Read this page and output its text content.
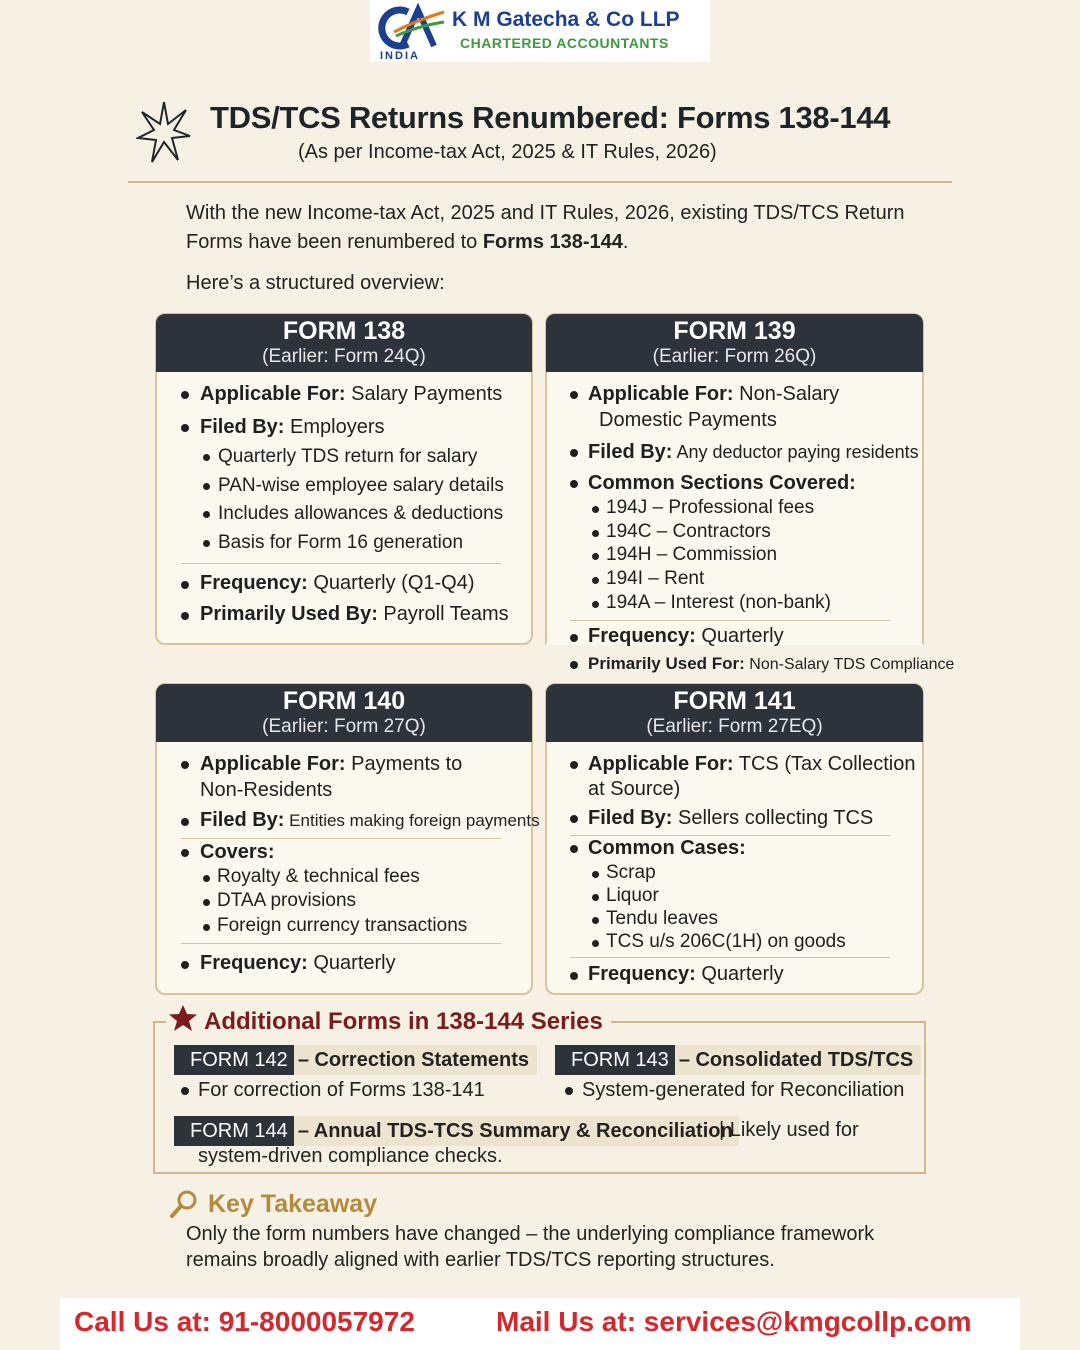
INDIA
K M Gatecha & Co LLP
CHARTERED ACCOUNTANTS
TDS/TCS Returns Renumbered: Forms 138-144
(As per Income-tax Act, 2025 & IT Rules, 2026)
With the new Income-tax Act, 2025 and IT Rules, 2026, existing TDS/TCS Return Forms have been renumbered to Forms 138-144.
Here’s a structured overview:
FORM 138
(Earlier: Form 24Q)
Applicable For: Salary Payments
Filed By: Employers
Quarterly TDS return for salary
PAN-wise employee salary details
Includes allowances & deductions
Basis for Form 16 generation
Frequency: Quarterly (Q1-Q4)
Primarily Used By: Payroll Teams
FORM 139
(Earlier: Form 26Q)
Applicable For: Non-Salary
Domestic Payments
Filed By: Any deductor paying residents
Common Sections Covered:
194J – Professional fees
194C – Contractors
194H – Commission
194I – Rent
194A – Interest (non-bank)
Frequency: Quarterly
Primarily Used For: Non-Salary TDS Compliance
FORM 140
(Earlier: Form 27Q)
Applicable For: Payments to
Non-Residents
Filed By: Entities making foreign payments
Covers:
Royalty & technical fees
DTAA provisions
Foreign currency transactions
Frequency: Quarterly
FORM 141
(Earlier: Form 27EQ)
Applicable For: TCS (Tax Collection
at Source)
Filed By: Sellers collecting TCS
Common Cases:
Scrap
Liquor
Tendu leaves
TCS u/s 206C(1H) on goods
Frequency: Quarterly
Additional Forms in 138-144 Series
FORM 142 – Correction Statements
For correction of Forms 138-141
FORM 143 – Consolidated TDS/TCS
System-generated for Reconciliation
FORM 144 – Annual TDS-TCS Summary & Reconciliation
| Likely used for
system-driven compliance checks.
Key Takeaway
Only the form numbers have changed – the underlying compliance framework remains broadly aligned with earlier TDS/TCS reporting structures.
Call Us at: 91-8000057972	Mail Us at: services@kmgcollp.com
